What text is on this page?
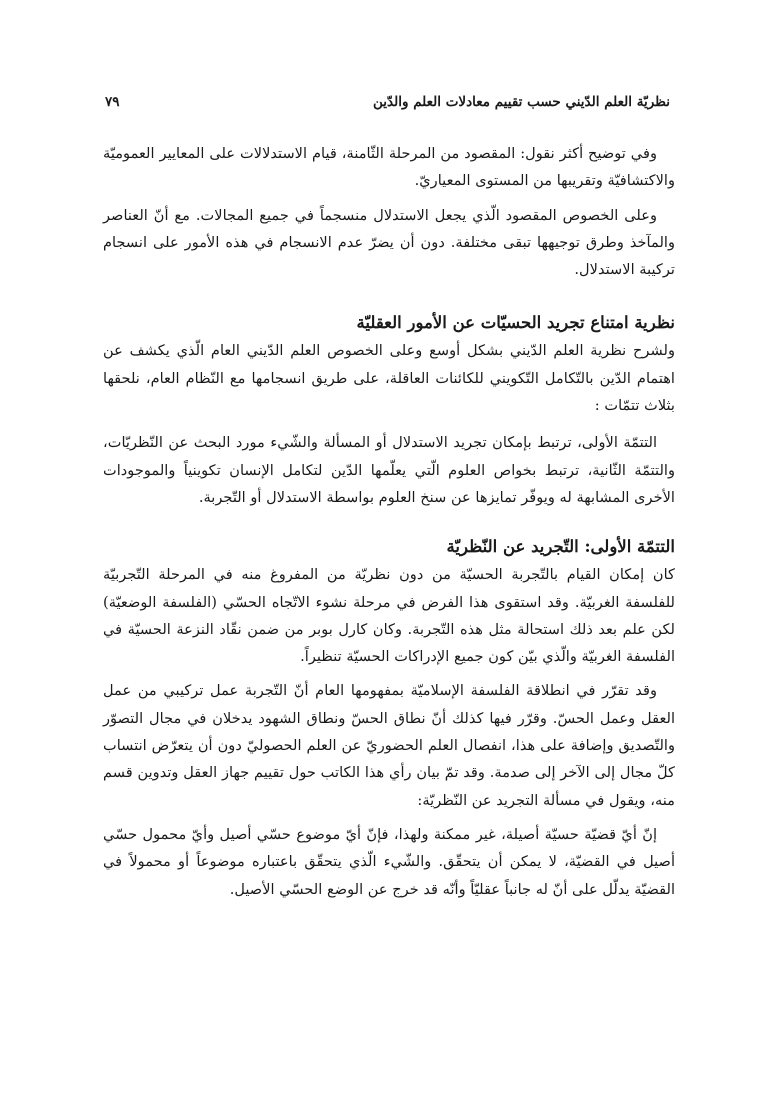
نظريّة العلم الدّيني حسب تقييم معادلات العلم والدّين
٧٩

وفي توضيح أكثر نقول: المقصود من المرحلة الثّامنة، قيام الاستدلالات على المعايير العموميّة والاكتشافيّة وتقريبها من المستوى المعياريّ.

وعلى الخصوص المقصود الّذي يجعل الاستدلال منسجماً في جميع المجالات. مع أنّ العناصر والمآخذ وطرق توجيهها تبقى مختلفة. دون أن يضرّ عدم الانسجام في هذه الأمور على انسجام تركيبة الاستدلال.

نظرية امتناع تجريد الحسيّات عن الأمور العقليّة

ولشرح نظرية العلم الدّيني بشكل أوسع وعلى الخصوص العلم الدّيني العام الّذي يكشف عن اهتمام الدّين بالتّكامل التّكويني للكائنات العاقلة، على طريق انسجامها مع النّظام العام، نلحقها بثلاث تتمّات :

التتمّة الأولى، ترتبط بإمكان تجريد الاستدلال أو المسألة والشّيء مورد البحث عن النّظريّات، والتتمّة الثّانية، ترتبط بخواص العلوم الّتي يعلّمها الدّين لتكامل الإنسان تكوينياً والموجودات الأخرى المشابهة له ويوفّر تمايزها عن سنخ العلوم بواسطة الاستدلال أو التّجربة.

التتمّة الأولى: التّجريد عن النّظريّة

كان إمكان القيام بالتّجربة الحسيّة من دون نظريّة من المفروغ منه في المرحلة التّجربيّة للفلسفة الغربيّة. وقد استقوى هذا الفرض في مرحلة نشوء الاتّجاه الحسّي (الفلسفة الوضعيّة) لكن علم بعد ذلك استحالة مثل هذه التّجربة. وكان كارل بوبر من ضمن نقّاد النزعة الحسيّة في الفلسفة الغربيّة والّذي بيّن كون جميع الإدراكات الحسيّة تنظيراً.

وقد تقرّر في انطلاقة الفلسفة الإسلاميّة بمفهومها العام أنّ التّجربة عمل تركيبي من عمل العقل وعمل الحسّ. وقرّر فيها كذلك أنّ نطاق الحسّ ونطاق الشهود يدخلان في مجال التصوّر والتّصديق وإضافة على هذا، انفصال العلم الحضوريّ عن العلم الحصوليّ دون أن يتعرّض انتساب كلّ مجال إلى الآخر إلى صدمة. وقد تمّ بيان رأي هذا الكاتب حول تقييم جهاز العقل وتدوين قسم منه، ويقول في مسألة التجريد عن النّظريّة:

إنّ أيّ قضيّة حسيّة أصيلة، غير ممكنة ولهذا، فإنّ أيّ موضوع حسّي أصيل وأيّ محمول حسّي أصيل في القضيّة، لا يمكن أن يتحقّق. والشّيء الّذي يتحقّق باعتباره موضوعاً أو محمولاً في القضيّة يدلّل على أنّ له جانباً عقليّاً وأنّه قد خرج عن الوضع الحسّي الأصيل.
